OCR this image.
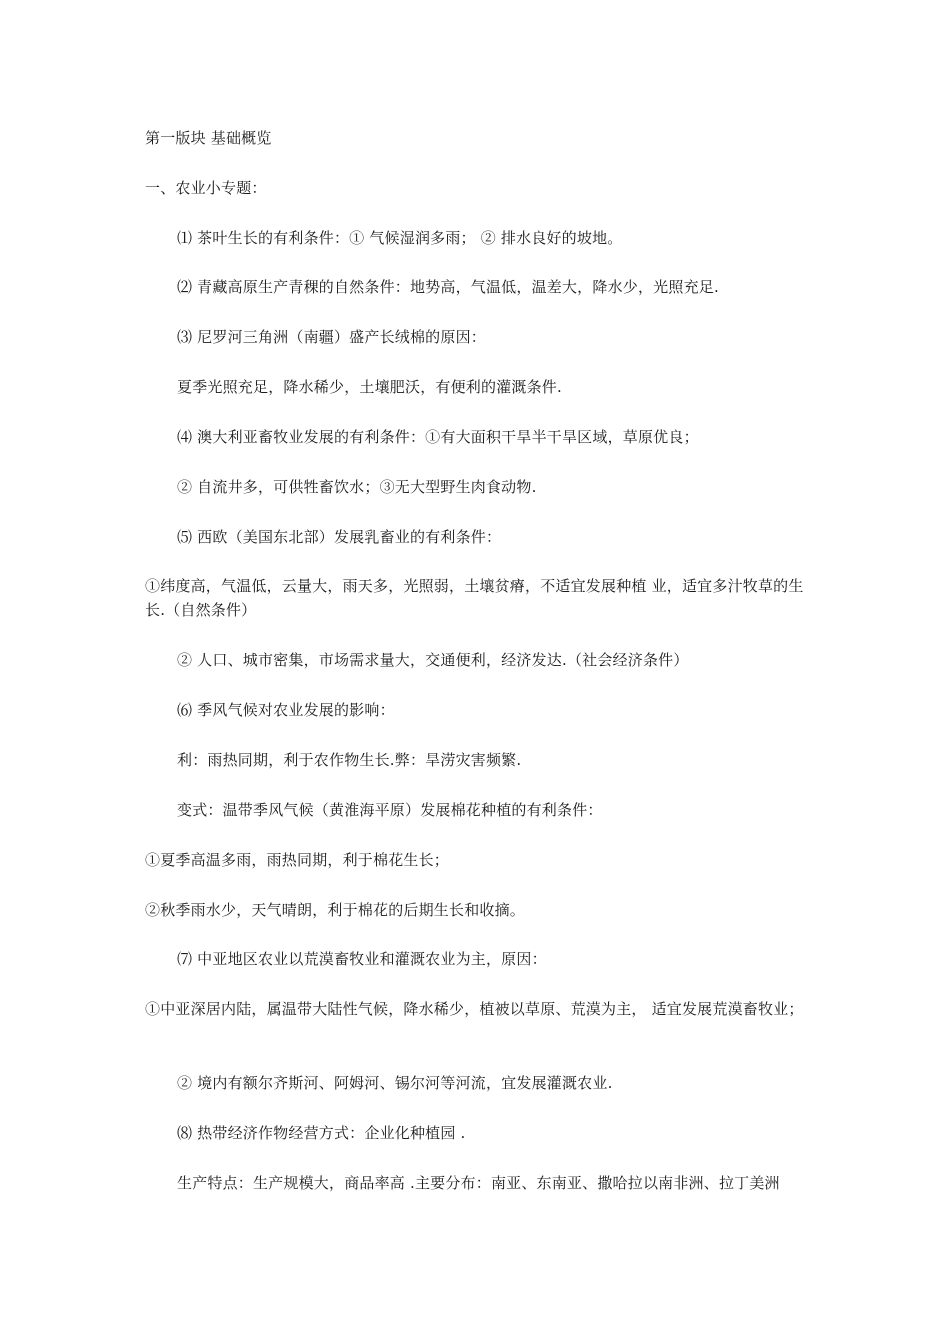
第一版块 基础概览
一、农业小专题：
⑴ 茶叶生长的有利条件：① 气候湿润多雨； ② 排水良好的坡地。
⑵ 青藏高原生产青稞的自然条件：地势高，气温低，温差大，降水少，光照充足.
⑶ 尼罗河三角洲（南疆）盛产长绒棉的原因：
夏季光照充足，降水稀少，土壤肥沃，有便利的灌溉条件.
⑷ 澳大利亚畜牧业发展的有利条件：①有大面积干旱半干旱区域，草原优良；
② 自流井多，可供牲畜饮水；③无大型野生肉食动物.
⑸ 西欧（美国东北部）发展乳畜业的有利条件：
①纬度高，气温低，云量大，雨天多，光照弱，土壤贫瘠，不适宜发展种植 业，适宜多汁牧草的生长.（自然条件）
② 人口、城市密集，市场需求量大，交通便利，经济发达.（社会经济条件）
⑹ 季风气候对农业发展的影响：
利：雨热同期，利于农作物生长.弊：旱涝灾害频繁.
变式：温带季风气候（黄淮海平原）发展棉花种植的有利条件：
①夏季高温多雨，雨热同期，利于棉花生长；
②秋季雨水少，天气晴朗，利于棉花的后期生长和收摘。
⑺ 中亚地区农业以荒漠畜牧业和灌溉农业为主，原因：
①中亚深居内陆，属温带大陆性气候，降水稀少，植被以草原、荒漠为主， 适宜发展荒漠畜牧业；
② 境内有额尔齐斯河、阿姆河、锡尔河等河流，宜发展灌溉农业.
⑻ 热带经济作物经营方式：企业化种植园 .
生产特点：生产规模大，商品率高 .主要分布：南亚、东南亚、撒哈拉以南非洲、拉丁美洲
